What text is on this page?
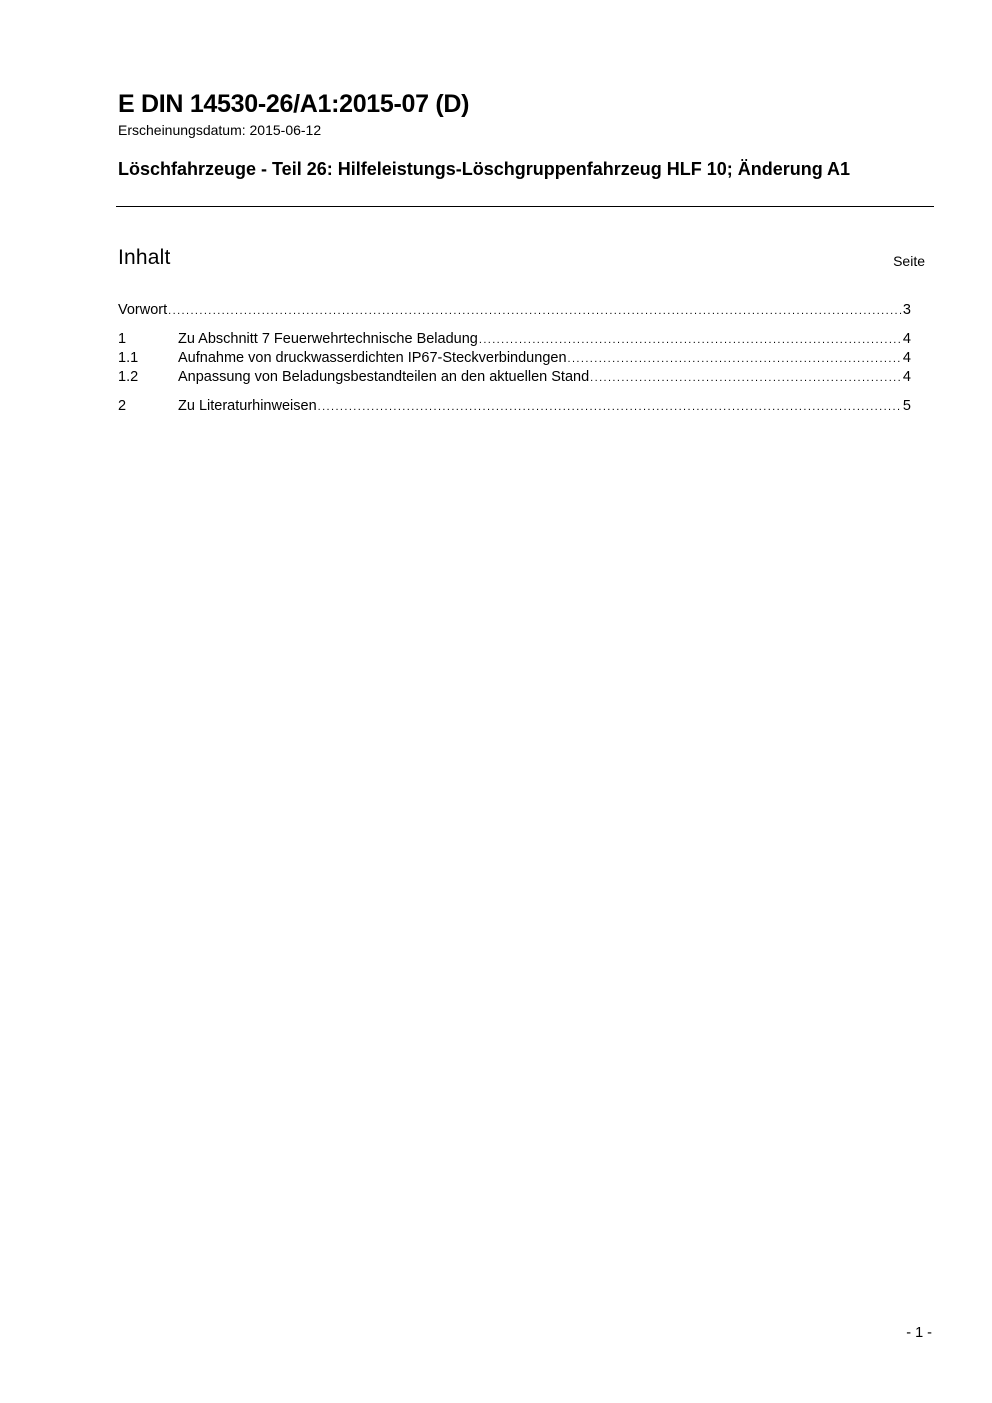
E DIN 14530-26/A1:2015-07 (D)
Erscheinungsdatum: 2015-06-12
Löschfahrzeuge - Teil 26: Hilfeleistungs-Löschgruppenfahrzeug HLF 10; Änderung A1
Inhalt	Seite
Vorwort .....	3
1	Zu Abschnitt 7 Feuerwehrtechnische Beladung .....	4
1.1	Aufnahme von druckwasserdichten IP67-Steckverbindungen .....	4
1.2	Anpassung von Beladungsbestandteilen an den aktuellen Stand .....	4
2	Zu Literaturhinweisen .....	5
- 1 -
